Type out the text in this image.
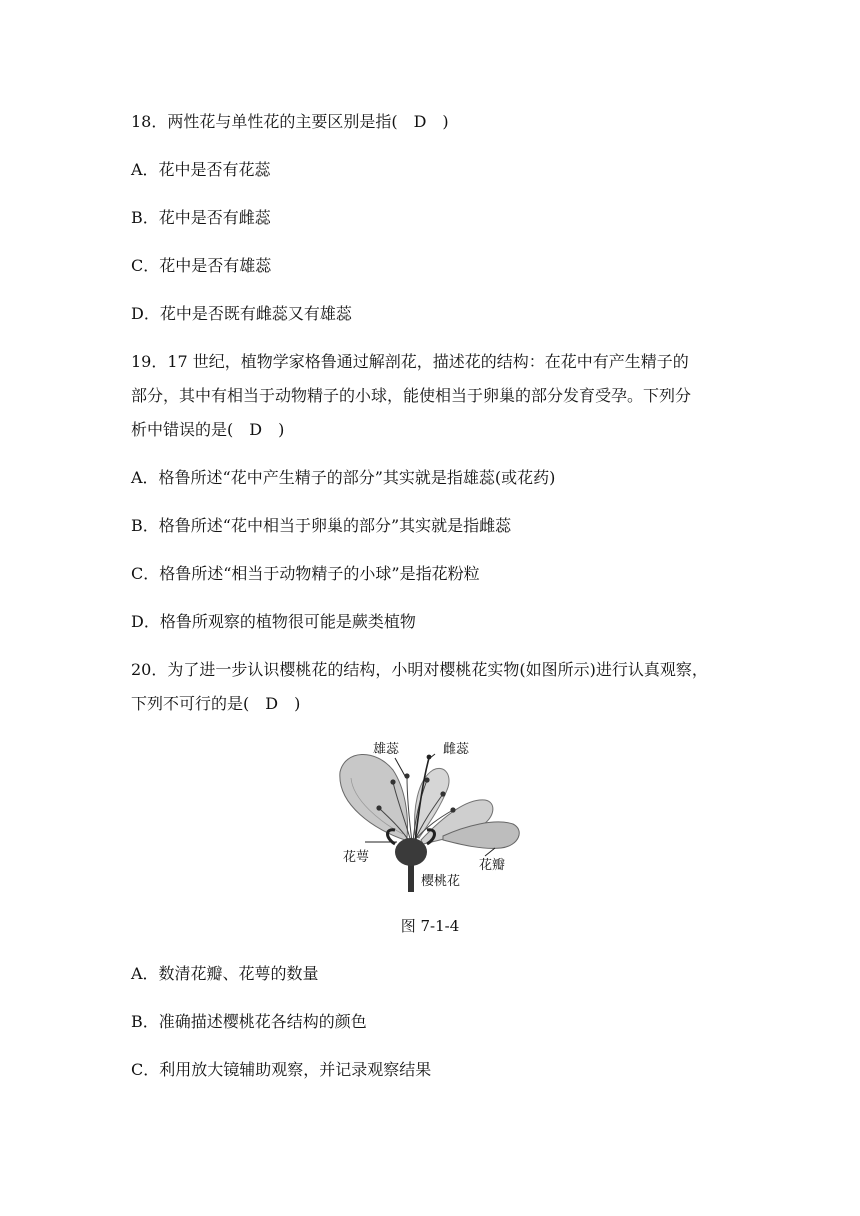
18．两性花与单性花的主要区别是指(　D　)
A．花中是否有花蕊
B．花中是否有雌蕊
C．花中是否有雄蕊
D．花中是否既有雌蕊又有雄蕊
19．17 世纪，植物学家格鲁通过解剖花，描述花的结构：在花中有产生精子的
部分，其中有相当于动物精子的小球，能使相当于卵巢的部分发育受孕。下列分
析中错误的是(　D　)
A．格鲁所述“花中产生精子的部分”其实就是指雄蕊(或花药)
B．格鲁所述“花中相当于卵巢的部分”其实就是指雌蕊
C．格鲁所述“相当于动物精子的小球”是指花粉粒
D．格鲁所观察的植物很可能是蕨类植物
20．为了进一步认识樱桃花的结构，小明对樱桃花实物(如图所示)进行认真观察，
下列不可行的是(　D　)
雄蕊	雌蕊
花萼
花瓣
樱桃花
图 7-1-4
A．数清花瓣、花萼的数量
B．准确描述樱桃花各结构的颜色
C．利用放大镜辅助观察，并记录观察结果
